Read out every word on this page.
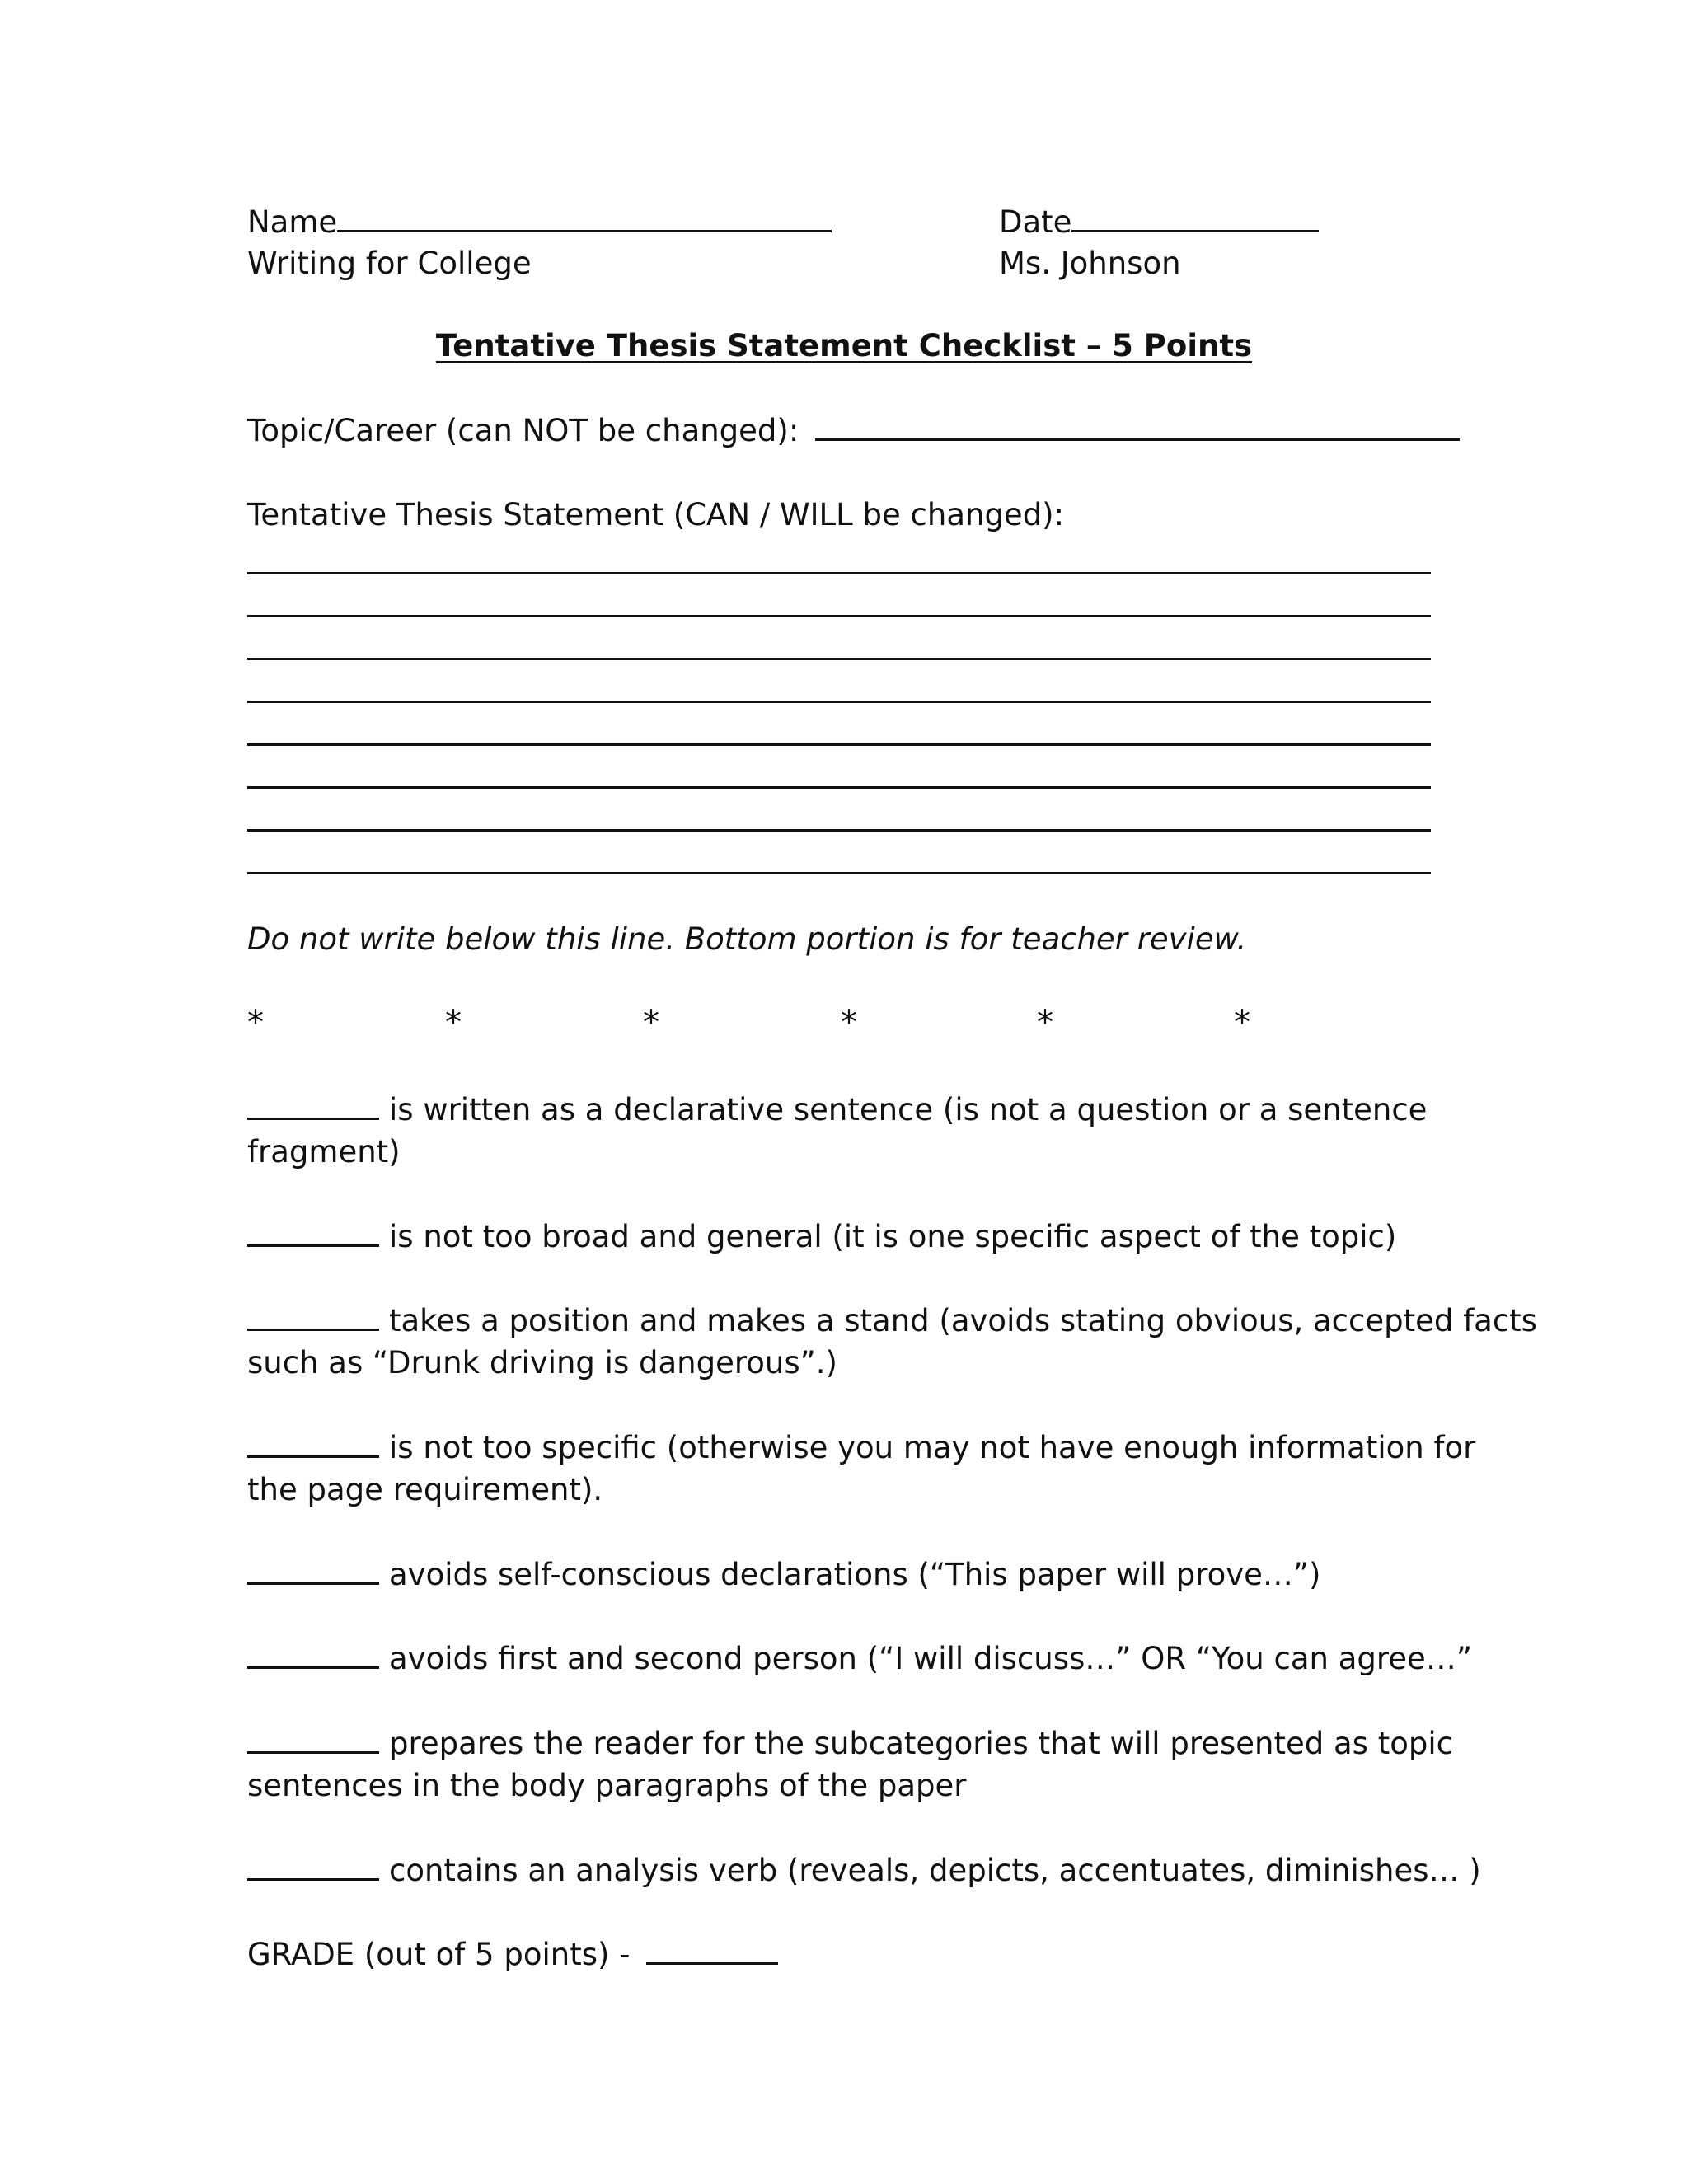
Name	Date
Writing for College	Ms. Johnson
Tentative Thesis Statement Checklist – 5 Points
Topic/Career (can NOT be changed):
Tentative Thesis Statement (CAN / WILL be changed):
Do not write below this line. Bottom portion is for teacher review.
*	*	*	*	*	*
is written as a declarative sentence (is not a question or a sentence
fragment)
is not too broad and general (it is one specific aspect of the topic)
takes a position and makes a stand (avoids stating obvious, accepted facts
such as “Drunk driving is dangerous”.)
is not too specific (otherwise you may not have enough information for
the page requirement).
avoids self-conscious declarations (“This paper will prove…”)
avoids first and second person (“I will discuss…” OR “You can agree…”
prepares the reader for the subcategories that will presented as topic
sentences in the body paragraphs of the paper
contains an analysis verb (reveals, depicts, accentuates, diminishes… )
GRADE (out of 5 points) -
